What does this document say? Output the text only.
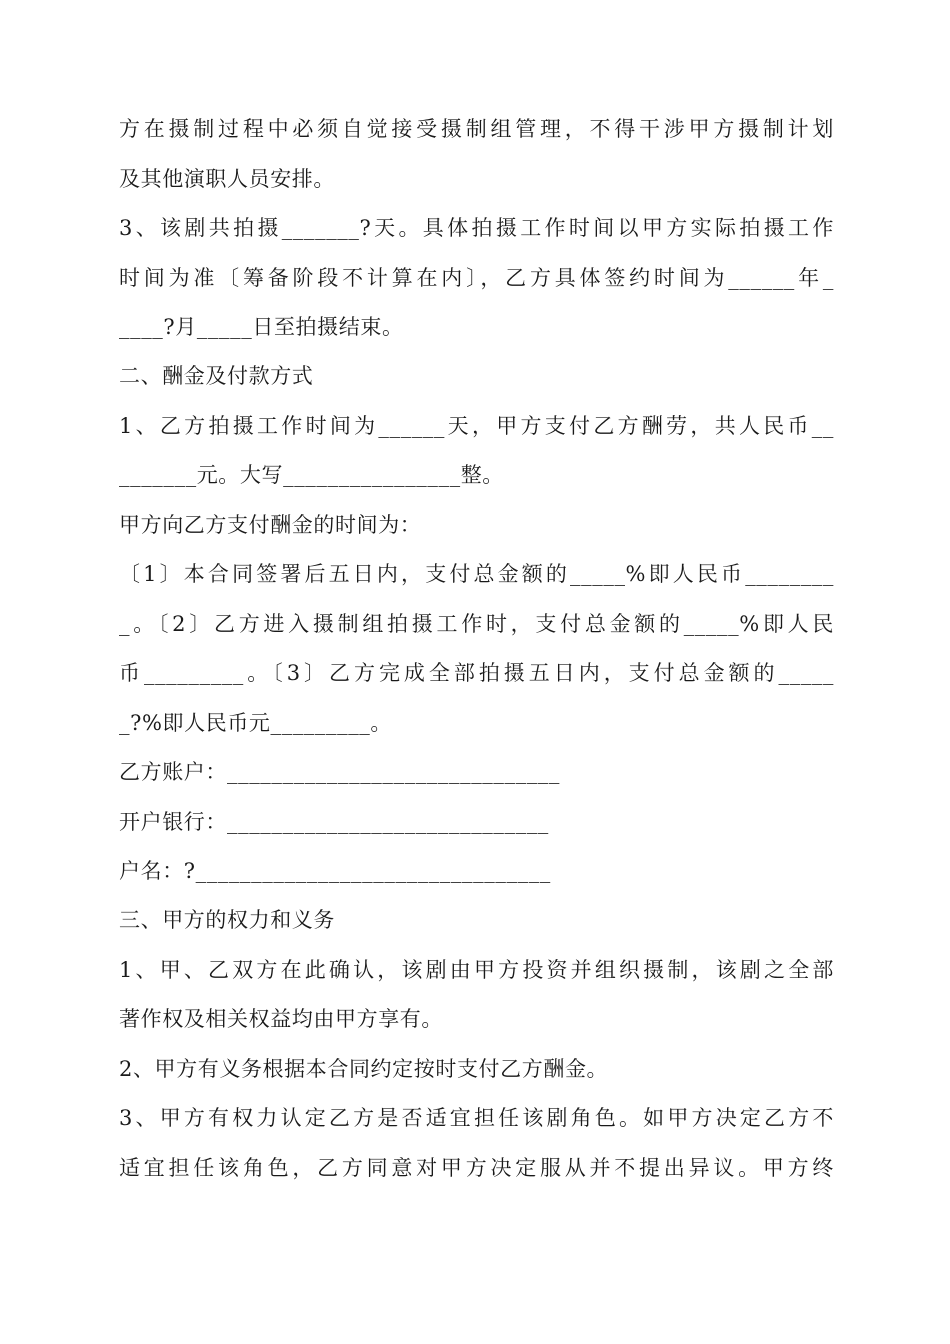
方在摄制过程中必须自觉接受摄制组管理，不得干涉甲方摄制计划
及其他演职人员安排。
3、该剧共拍摄_______?天。具体拍摄工作时间以甲方实际拍摄工作
时间为准〔筹备阶段不计算在内〕，乙方具体签约时间为______年_
____?月_____日至拍摄结束。
二、酬金及付款方式
1、乙方拍摄工作时间为______天，甲方支付乙方酬劳，共人民币__
_______元。大写________________整。
甲方向乙方支付酬金的时间为：
〔1〕本合同签署后五日内，支付总金额的_____%即人民币________
_。〔2〕乙方进入摄制组拍摄工作时，支付总金额的_____%即人民
币_________。〔3〕乙方完成全部拍摄五日内，支付总金额的_____
_?%即人民币元_________。
乙方账户：______________________________
开户银行：_____________________________
户名：?________________________________
三、甲方的权力和义务
1、甲、乙双方在此确认，该剧由甲方投资并组织摄制，该剧之全部
著作权及相关权益均由甲方享有。
2、甲方有义务根据本合同约定按时支付乙方酬金。
3、甲方有权力认定乙方是否适宜担任该剧角色。如甲方决定乙方不
适宜担任该角色，乙方同意对甲方决定服从并不提出异议。甲方终
